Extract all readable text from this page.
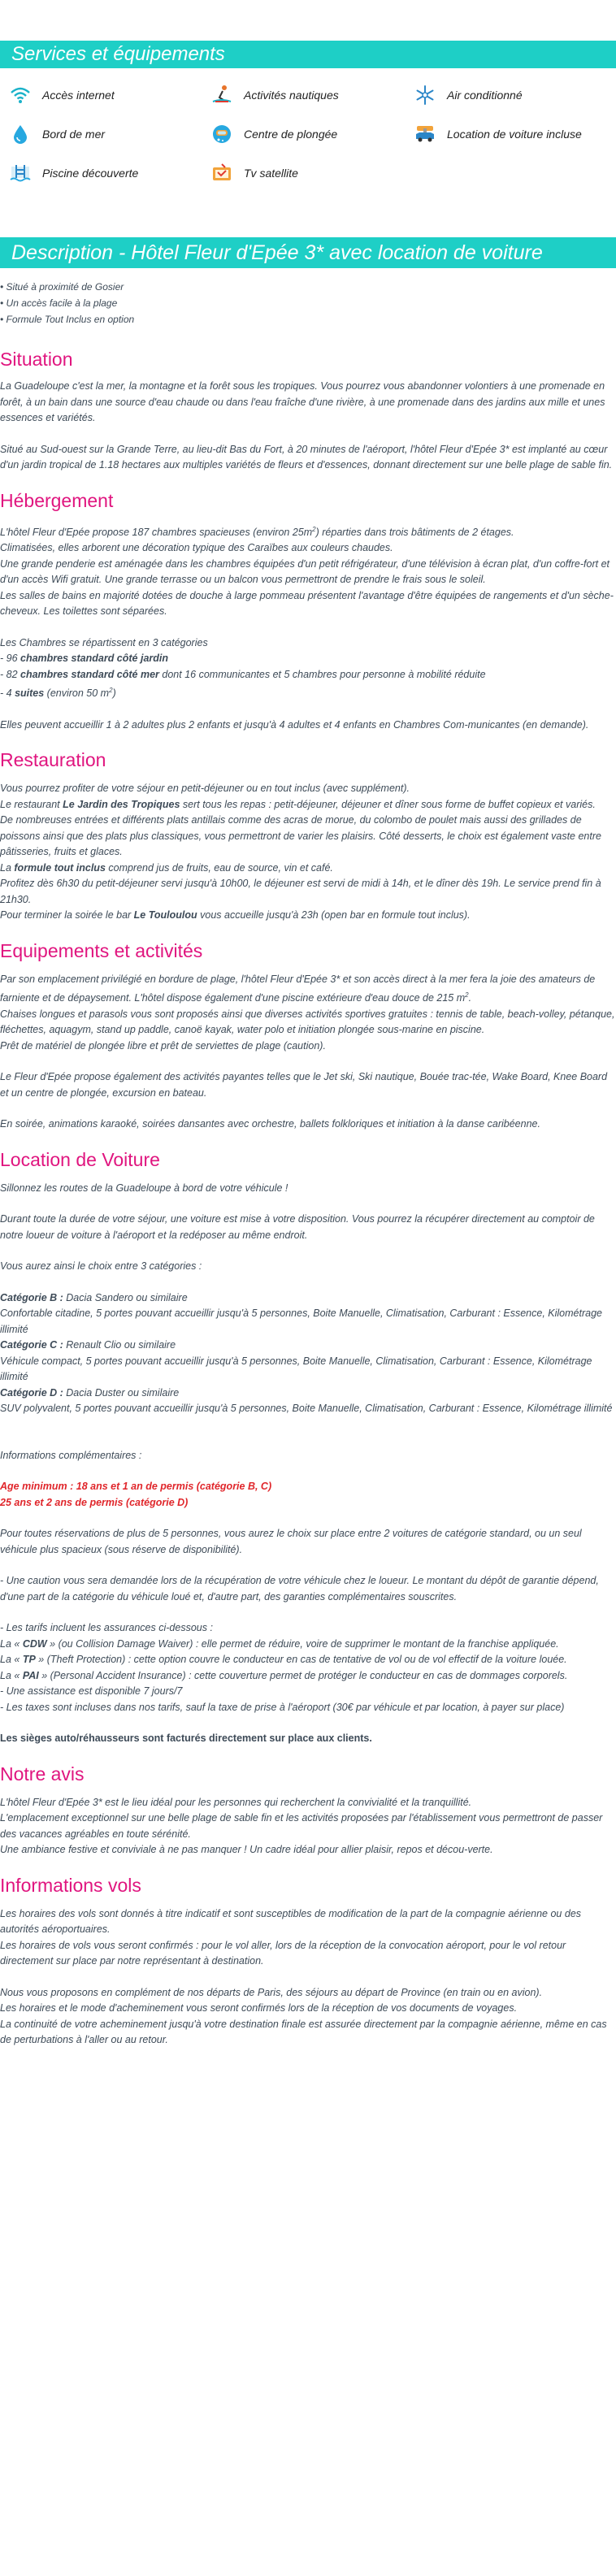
Services et équipements
Accès internet	Activités nautiques	Air conditionné
Bord de mer	Centre de plongée	Location de voiture incluse
Piscine découverte	Tv satellite
Description - Hôtel Fleur d'Epée 3* avec location de voiture
• Situé à proximité de Gosier
• Un accès facile à la plage
• Formule Tout Inclus en option
Situation

La Guadeloupe c'est la mer, la montagne et la forêt sous les tropiques. Vous pourrez vous abandonner volontiers à une promenade en forêt, à un bain dans une source d'eau chaude ou dans l'eau fraîche d'une rivière, à une promenade dans des jardins aux mille et unes essences et variétés.

Situé au Sud-ouest sur la Grande Terre, au lieu-dit Bas du Fort, à 20 minutes de l'aéroport, l'hôtel Fleur d'Epée 3* est implanté au cœur d'un jardin tropical de 1.18 hectares aux multiples variétés de fleurs et d'essences, donnant directement sur une belle plage de sable fin.

Hébergement

L'hôtel Fleur d'Epée propose 187 chambres spacieuses (environ $25m^2$) réparties dans trois bâtiments de 2 étages.

Climatisées, elles arborent une décoration typique des Caraïbes aux couleurs chaudes.

Une grande penderie est aménagée dans les chambres équipées d'un petit réfrigérateur, d'une télévision à écran plat, d'un coffre-fort et d'un accès Wifi gratuit. Une grande terrasse ou un balcon vous permettront de prendre le frais sous le soleil.

Les salles de bains en majorité dotées de douche à large pommeau présentent l'avantage d'être équipées de rangements et d'un sèche-cheveux. Les toilettes sont séparées.

Les Chambres se répartissent en 3 catégories

- 96 chambres standard côté jardin

- 82 chambres standard côté mer dont 16 communicantes et 5 chambres pour personne à mobilité réduite

- 4 suites (environ 50 $m^2$)

Elles peuvent accueillir 1 à 2 adultes plus 2 enfants et jusqu'à 4 adultes et 4 enfants en Chambres Com-municantes (en demande).

Restauration

Vous pourrez profiter de votre séjour en petit-déjeuner ou en tout inclus (avec supplément).

Le restaurant Le Jardin des Tropiques sert tous les repas : petit-déjeuner, déjeuner et dîner sous forme de buffet copieux et variés.

De nombreuses entrées et différents plats antillais comme des acras de morue, du colombo de poulet mais aussi des grillades de poissons ainsi que des plats plus classiques, vous permettront de varier les plaisirs. Côté desserts, le choix est également vaste entre pâtisseries, fruits et glaces.

La formule tout inclus comprend jus de fruits, eau de source, vin et café.

Profitez dès 6h30 du petit-déjeuner servi jusqu'à 10h00, le déjeuner est servi de midi à 14h, et le dîner dès 19h. Le service prend fin à 21h30.

Pour terminer la soirée le bar Le Touloulou vous accueille jusqu'à 23h (open bar en formule tout inclus).

Equipements et activités

Par son emplacement privilégié en bordure de plage, l'hôtel Fleur d'Epée 3* et son accès direct à la mer fera la joie des amateurs de farniente et de dépaysement. L'hôtel dispose également d'une piscine extérieure d'eau douce de 215 $m^2$.

Chaises longues et parasols vous sont proposés ainsi que diverses activités sportives gratuites : tennis de table, beach-volley, pétanque, fléchettes, aquagym, stand up paddle, canoë kayak, water polo et initiation plongée sous-marine en piscine.

Prêt de matériel de plongée libre et prêt de serviettes de plage (caution).

Le Fleur d'Epée propose également des activités payantes telles que le Jet ski, Ski nautique, Bouée trac-tée, Wake Board, Knee Board et un centre de plongée, excursion en bateau.

En soirée, animations karaoké, soirées dansantes avec orchestre, ballets folkloriques et initiation à la danse caribéenne.

Location de Voiture

Sillonnez les routes de la Guadeloupe à bord de votre véhicule !

Durant toute la durée de votre séjour, une voiture est mise à votre disposition. Vous pourrez la récupérer directement au comptoir de notre loueur de voiture à l'aéroport et la redéposer au même endroit.

Vous aurez ainsi le choix entre 3 catégories :

Catégorie B : Dacia Sandero ou similaire

Confortable citadine, 5 portes pouvant accueillir jusqu'à 5 personnes, Boite Manuelle, Climatisation, Carburant : Essence, Kilométrage illimité

Catégorie C : Renault Clio ou similaire

Véhicule compact, 5 portes pouvant accueillir jusqu'à 5 personnes, Boite Manuelle, Climatisation, Carburant : Essence, Kilométrage illimité

Catégorie D : Dacia Duster ou similaire

SUV polyvalent, 5 portes pouvant accueillir jusqu'à 5 personnes, Boite Manuelle, Climatisation, Carburant : Essence, Kilométrage illimité

Informations complémentaires :

Age minimum : 18 ans et 1 an de permis (catégorie B, C)

25 ans et 2 ans de permis (catégorie D)

Pour toutes réservations de plus de 5 personnes, vous aurez le choix sur place entre 2 voitures de catégorie standard, ou un seul véhicule plus spacieux (sous réserve de disponibilité).

- Une caution vous sera demandée lors de la récupération de votre véhicule chez le loueur. Le montant du dépôt de garantie dépend, d'une part de la catégorie du véhicule loué et, d'autre part, des garanties complémentaires souscrites.

- Les tarifs incluent les assurances ci-dessous :

La « CDW » (ou Collision Damage Waiver) : elle permet de réduire, voire de supprimer le montant de la franchise appliquée.

La « TP » (Theft Protection) : cette option couvre le conducteur en cas de tentative de vol ou de vol effectif de la voiture louée.

La « PAI » (Personal Accident Insurance) : cette couverture permet de protéger le conducteur en cas de dommages corporels.

- Une assistance est disponible 7 jours/7

- Les taxes sont incluses dans nos tarifs, sauf la taxe de prise à l'aéroport (30€ par véhicule et par location, à payer sur place)

Les sièges auto/réhausseurs sont facturés directement sur place aux clients.

Notre avis

L'hôtel Fleur d'Epée 3* est le lieu idéal pour les personnes qui recherchent la convivialité et la tranquillité.

L'emplacement exceptionnel sur une belle plage de sable fin et les activités proposées par l'établissement vous permettront de passer des vacances agréables en toute sérénité.

Une ambiance festive et conviviale à ne pas manquer ! Un cadre idéal pour allier plaisir, repos et décou-verte.

Informations vols

Les horaires des vols sont donnés à titre indicatif et sont susceptibles de modification de la part de la compagnie aérienne ou des autorités aéroportuaires.

Les horaires de vols vous seront confirmés : pour le vol aller, lors de la réception de la convocation aéroport, pour le vol retour directement sur place par notre représentant à destination.

Nous vous proposons en complément de nos départs de Paris, des séjours au départ de Province (en train ou en avion).

Les horaires et le mode d'acheminement vous seront confirmés lors de la réception de vos documents de voyages.

La continuité de votre acheminement jusqu'à votre destination finale est assurée directement par la compagnie aérienne, même en cas de perturbations à l'aller ou au retour.
